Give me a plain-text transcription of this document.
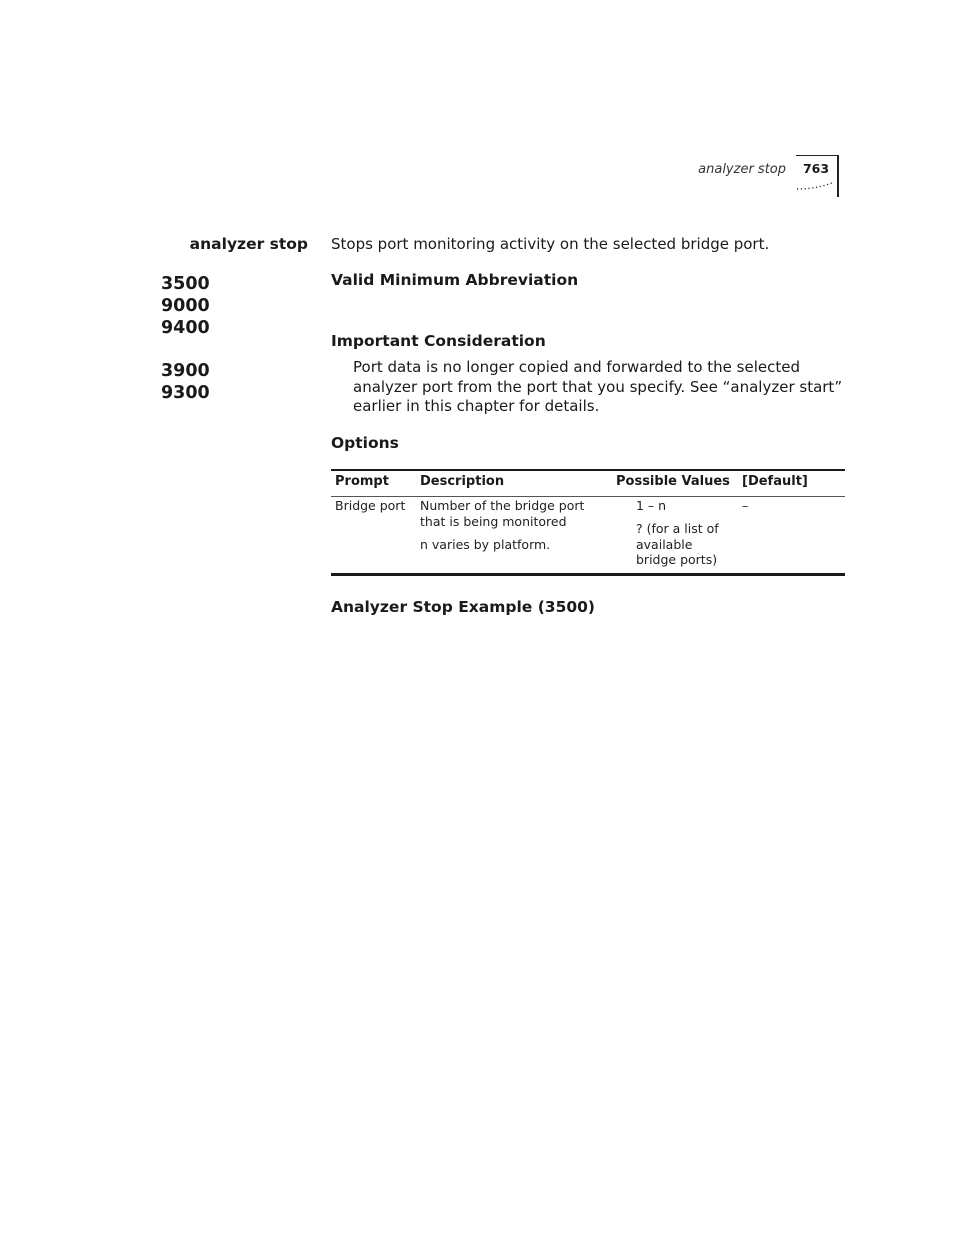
analyzer stop	763
analyzer stop Stops port monitoring activity on the selected bridge port.
3500
9000
9400
3900
9300
Valid Minimum Abbreviation
Important Consideration
Port data is no longer copied and forwarded to the selected analyzer port from the port that you specify. See “analyzer start” earlier in this chapter for details.
Options
Prompt Description	Possible Values [Default]
Bridge port Number of the bridge port that is being monitored
n varies by platform.
1 – n
? (for a list of available bridge ports)
–
Analyzer Stop Example (3500)
